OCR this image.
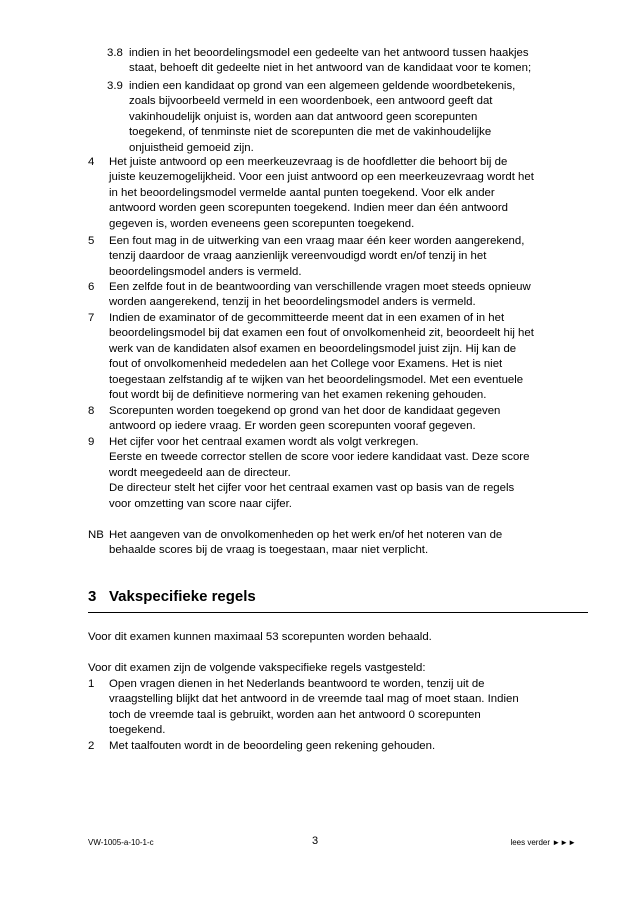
3.8 indien in het beoordelingsmodel een gedeelte van het antwoord tussen haakjes
staat, behoeft dit gedeelte niet in het antwoord van de kandidaat voor te komen;
3.9 indien een kandidaat op grond van een algemeen geldende woordbetekenis,
zoals bijvoorbeeld vermeld in een woordenboek, een antwoord geeft dat
vakinhoudelijk onjuist is, worden aan dat antwoord geen scorepunten
toegekend, of tenminste niet de scorepunten die met de vakinhoudelijke
onjuistheid gemoeid zijn.
4 Het juiste antwoord op een meerkeuzevraag is de hoofdletter die behoort bij de
juiste keuzemogelijkheid. Voor een juist antwoord op een meerkeuzevraag wordt het
in het beoordelingsmodel vermelde aantal punten toegekend. Voor elk ander
antwoord worden geen scorepunten toegekend. Indien meer dan één antwoord
gegeven is, worden eveneens geen scorepunten toegekend.
5 Een fout mag in de uitwerking van een vraag maar één keer worden aangerekend,
tenzij daardoor de vraag aanzienlijk vereenvoudigd wordt en/of tenzij in het
beoordelingsmodel anders is vermeld.
6 Een zelfde fout in de beantwoording van verschillende vragen moet steeds opnieuw
worden aangerekend, tenzij in het beoordelingsmodel anders is vermeld.
7 Indien de examinator of de gecommitteerde meent dat in een examen of in het
beoordelingsmodel bij dat examen een fout of onvolkomenheid zit, beoordeelt hij het
werk van de kandidaten alsof examen en beoordelingsmodel juist zijn. Hij kan de
fout of onvolkomenheid mededelen aan het College voor Examens. Het is niet
toegestaan zelfstandig af te wijken van het beoordelingsmodel. Met een eventuele
fout wordt bij de definitieve normering van het examen rekening gehouden.
8 Scorepunten worden toegekend op grond van het door de kandidaat gegeven
antwoord op iedere vraag. Er worden geen scorepunten vooraf gegeven.
9 Het cijfer voor het centraal examen wordt als volgt verkregen.
Eerste en tweede corrector stellen de score voor iedere kandidaat vast. Deze score
wordt meegedeeld aan de directeur.
De directeur stelt het cijfer voor het centraal examen vast op basis van de regels
voor omzetting van score naar cijfer.
NB Het aangeven van de onvolkomenheden op het werk en/of het noteren van de
behaalde scores bij de vraag is toegestaan, maar niet verplicht.
3 Vakspecifieke regels
Voor dit examen kunnen maximaal 53 scorepunten worden behaald.
Voor dit examen zijn de volgende vakspecifieke regels vastgesteld:
1 Open vragen dienen in het Nederlands beantwoord te worden, tenzij uit de
vraagstelling blijkt dat het antwoord in de vreemde taal mag of moet staan. Indien
toch de vreemde taal is gebruikt, worden aan het antwoord 0 scorepunten
toegekend.
2 Met taalfouten wordt in de beoordeling geen rekening gehouden.
VW-1005-a-10-1-c	3	lees verder ►►►
